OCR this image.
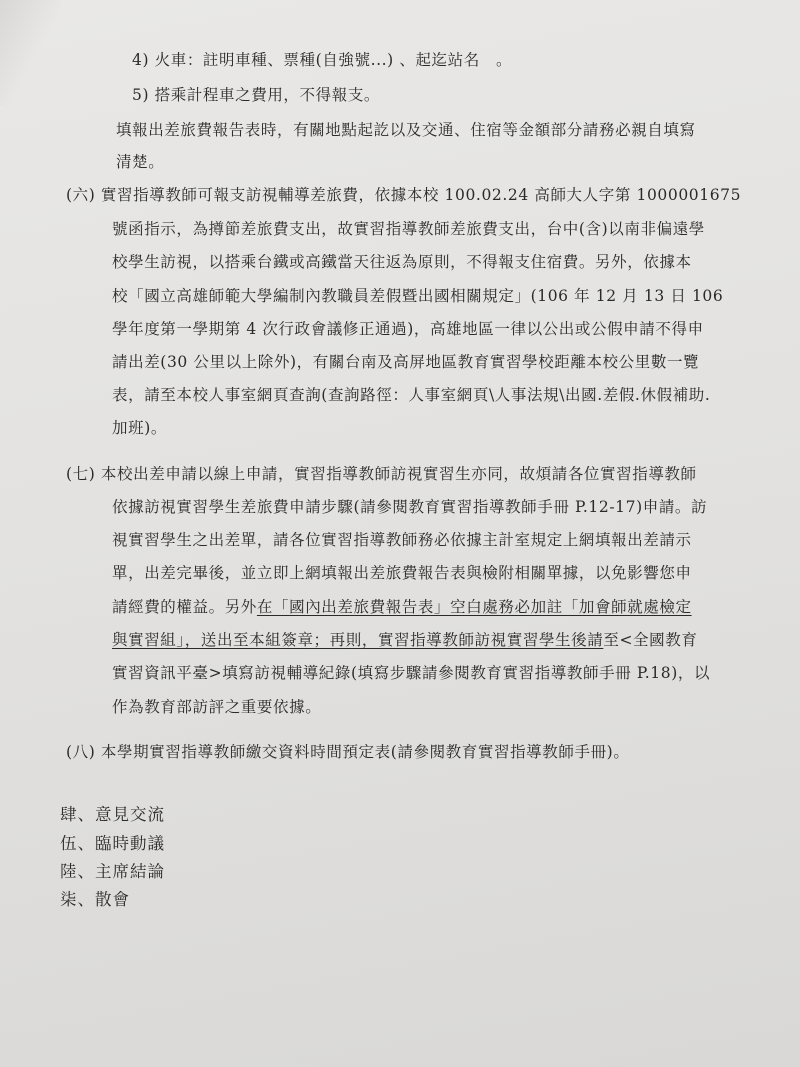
4) 火車：註明車種、票種(自強號...) 、起迄站名　。
5) 搭乘計程車之費用，不得報支。
填報出差旅費報告表時，有關地點起訖以及交通、住宿等金額部分請務必親自填寫
清楚。
(六) 實習指導教師可報支訪視輔導差旅費，依據本校 100.02.24 高師大人字第 1000001675
號函指示，為撙節差旅費支出，故實習指導教師差旅費支出，台中(含)以南非偏遠學
校學生訪視，以搭乘台鐵或高鐵當天往返為原則，不得報支住宿費。另外，依據本
校「國立高雄師範大學編制內教職員差假暨出國相關規定」(106 年 12 月 13 日 106
學年度第一學期第 4 次行政會議修正通過)，高雄地區一律以公出或公假申請不得申
請出差(30 公里以上除外)，有關台南及高屏地區教育實習學校距離本校公里數一覽
表，請至本校人事室網頁查詢(查詢路徑：人事室網頁\人事法規\出國.差假.休假補助.
加班)。
(七) 本校出差申請以線上申請，實習指導教師訪視實習生亦同，故煩請各位實習指導教師
依據訪視實習學生差旅費申請步驟(請參閱教育實習指導教師手冊 P.12-17)申請。訪
視實習學生之出差單，請各位實習指導教師務必依據主計室規定上網填報出差請示
單，出差完畢後，並立即上網填報出差旅費報告表與檢附相關單據，以免影響您申
請經費的權益。另外在「國內出差旅費報告表」空白處務必加註「加會師就處檢定
與實習組」，送出至本組簽章；再則，實習指導教師訪視實習學生後請至<全國教育
實習資訊平臺>填寫訪視輔導紀錄(填寫步驟請參閱教育實習指導教師手冊 P.18)，以
作為教育部訪評之重要依據。
(八) 本學期實習指導教師繳交資料時間預定表(請參閱教育實習指導教師手冊)。
肆、意見交流
伍、臨時動議
陸、主席結論
柒、散會
